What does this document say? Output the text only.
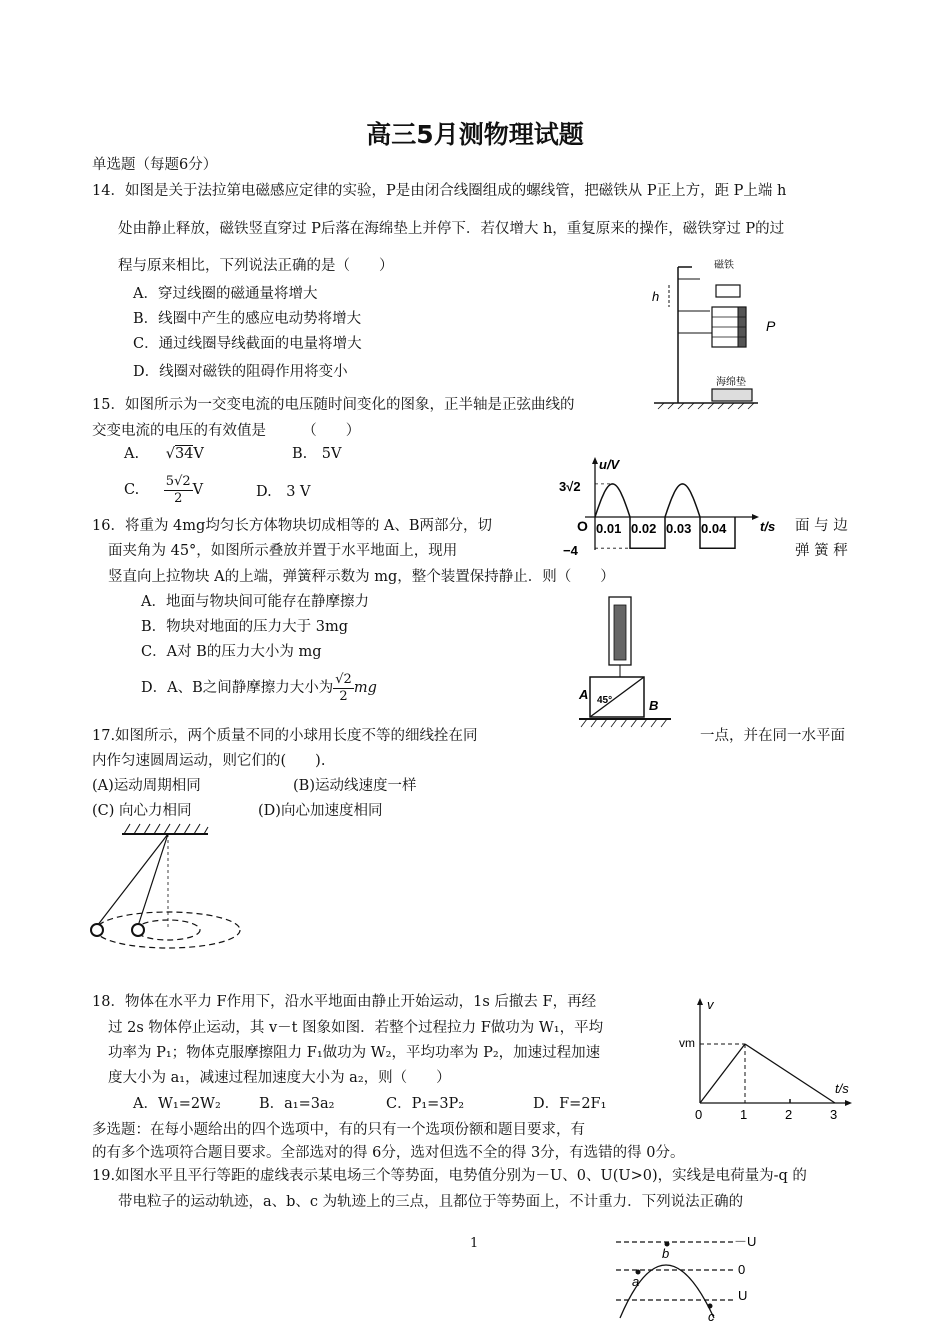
高三5月测物理试题
单选题（每题6分）
14．如图是关于法拉第电磁感应定律的实验，P是由闭合线圈组成的螺线管，把磁铁从 P正上方，距 P上端 h
处由静止释放，磁铁竖直穿过 P后落在海绵垫上并停下．若仅增大 h，重复原来的操作，磁铁穿过 P的过
程与原来相比，下列说法正确的是（　　）
A．穿过线圈的磁通量将增大
B．线圈中产生的感应电动势将增大
C．通过线圈导线截面的电量将增大
D．线圈对磁铁的阻碍作用将变小
h
磁铁
P
海绵垫
15．如图所示为一交变电流的电压随时间变化的图象，正半轴是正弦曲线的
交变电流的电压的有效值是　　　（　　）
A. √34V	B.　5V
C. $\frac{5√2}{2}$ V	D.　3 V
u/V
t/s
3√2
−4
O 0.01 0.02 0.03 0.04
16．将重为 4mg均匀长方体物块切成相等的 A、B两部分，切	面 与 边
面夹角为 45°，如图所示叠放并置于水平地面上，现用	弹 簧 秤
竖直向上拉物块 A的上端，弹簧秤示数为 mg，整个装置保持静止．则（　　）
A．地面与物块间可能存在静摩擦力
B．物块对地面的压力大于 3mg
C．A对 B的压力大小为 mg
D．A、B之间静摩擦力大小为 $\frac{√2}{2}$ mg	A
B
45°
17.如图所示，两个质量不同的小球用长度不等的细线拴在同	一点，并在同一水平面
内作匀速圆周运动，则它们的(　　).
(A)运动周期相同	(B)运动线速度一样
(C) 向心力相同	(D)向心加速度相同
18．物体在水平力 F作用下，沿水平地面由静止开始运动，1s 后撤去 F，再经
过 2s 物体停止运动，其 v－t 图象如图．若整个过程拉力 F做功为 W₁，平均
功率为 P₁；物体克服摩擦阻力 F₁做功为 W₂，平均功率为 P₂，加速过程加速
度大小为 a₁，减速过程加速度大小为 a₂，则（　　）
A．W₁=2W₂	B．a₁=3a₂	C．P₁=3P₂	D．F=2F₁
v
vm
t/s
0	1	2	3
多选题：在每小题给出的四个选项中，有的只有一个选项份额和题目要求，有
的有多个选项符合题目要求。全部选对的得 6分，选对但选不全的得 3分，有选错的得 0分。
19.如图水平且平行等距的虚线表示某电场三个等势面，电势值分别为－U、0、U(U>0)，实线是电荷量为-q 的
带电粒子的运动轨迹，a、b、c 为轨迹上的三点，且都位于等势面上，不计重力．下列说法正确的
－U
0
U
b
a
c
1
